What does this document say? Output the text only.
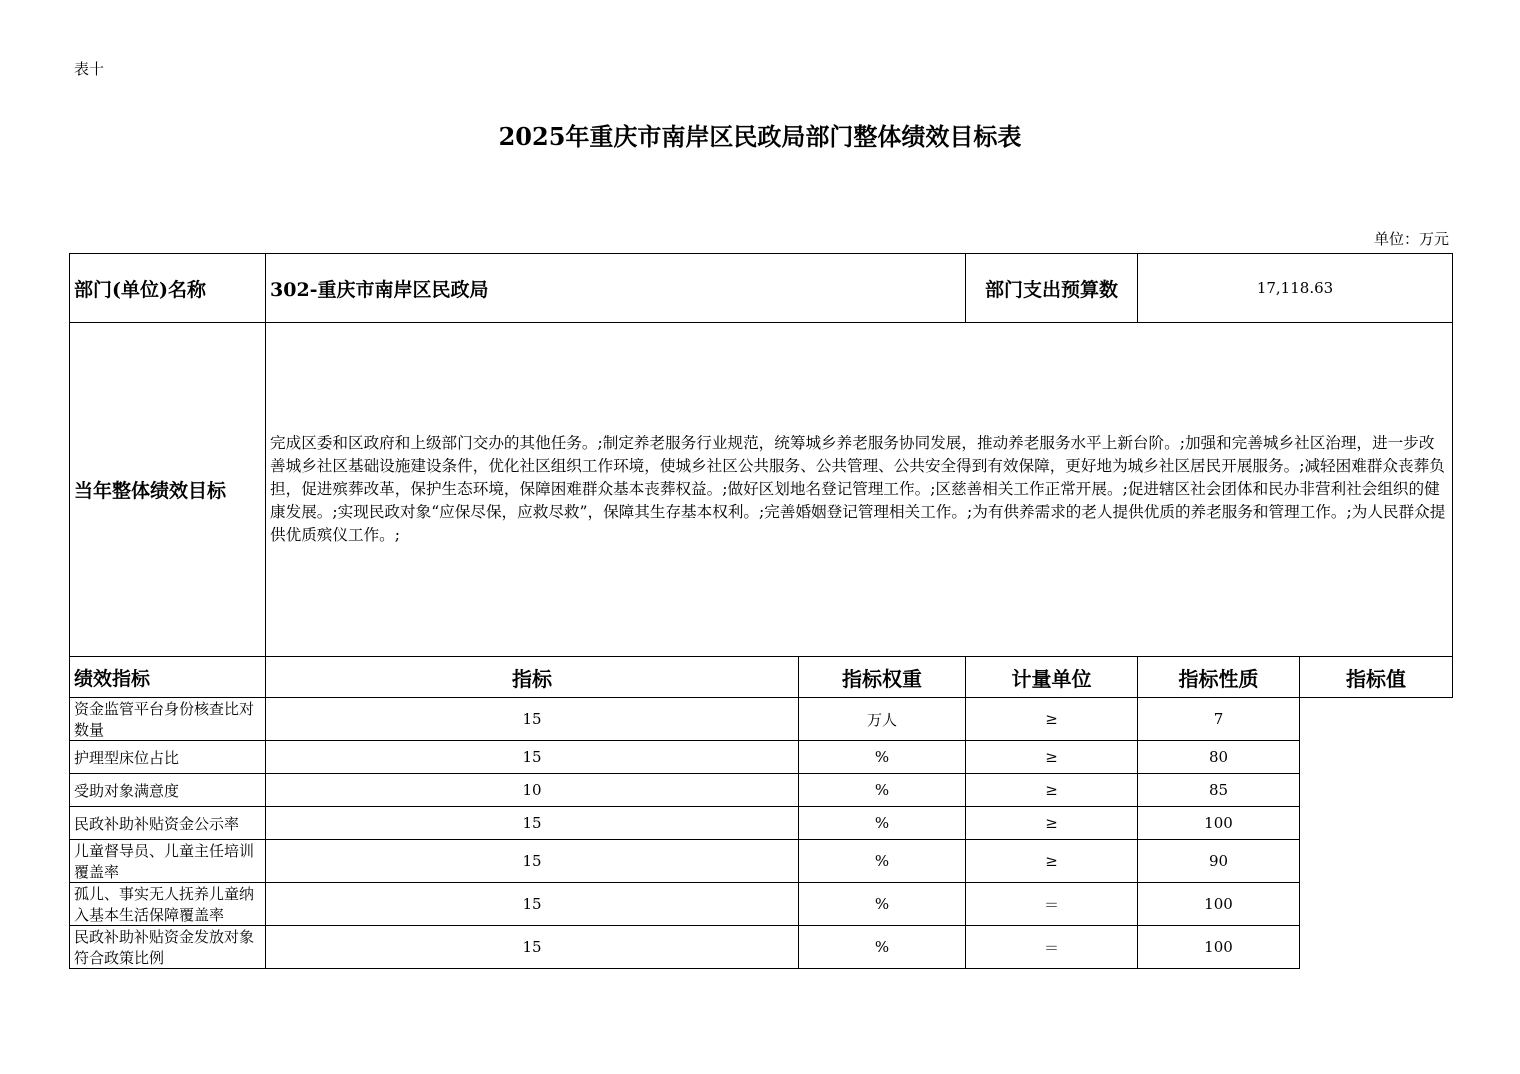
表十
2025年重庆市南岸区民政局部门整体绩效目标表
单位：万元
部门(单位)名称	302-重庆市南岸区民政局		部门支出预算数	17,118.63	
当年整体绩效目标	完成区委和区政府和上级部门交办的其他任务。;制定养老服务行业规范，统筹城乡养老服务协同发展，推动养老服务水平上新台阶。;加强和完善城乡社区治理，进一步改善城乡社区基础设施建设条件，优化社区组织工作环境，使城乡社区公共服务、公共管理、公共安全得到有效保障，更好地为城乡社区居民开展服务。;减轻困难群众丧葬负担，促进殡葬改革，保护生态环境，保障困难群众基本丧葬权益。;做好区划地名登记管理工作。;区慈善相关工作正常开展。;促进辖区社会团体和民办非营利社会组织的健康发展。;实现民政对象“应保尽保，应救尽救”，保障其生存基本权利。;完善婚姻登记管理相关工作。;为有供养需求的老人提供优质的养老服务和管理工作。;为人民群众提供优质殡仪工作。;				
绩效指标	指标	指标权重	计量单位	指标性质	指标值
资金监管平台身份核查比对数量	15	万人	≥	7	
护理型床位占比	15	%	≥	80	
受助对象满意度	10	%	≥	85	
民政补助补贴资金公示率	15	%	≥	100	
儿童督导员、儿童主任培训覆盖率	15	%	≥	90	
孤儿、事实无人抚养儿童纳入基本生活保障覆盖率	15	%	＝	100	
民政补助补贴资金发放对象符合政策比例	15	%	＝	100	
